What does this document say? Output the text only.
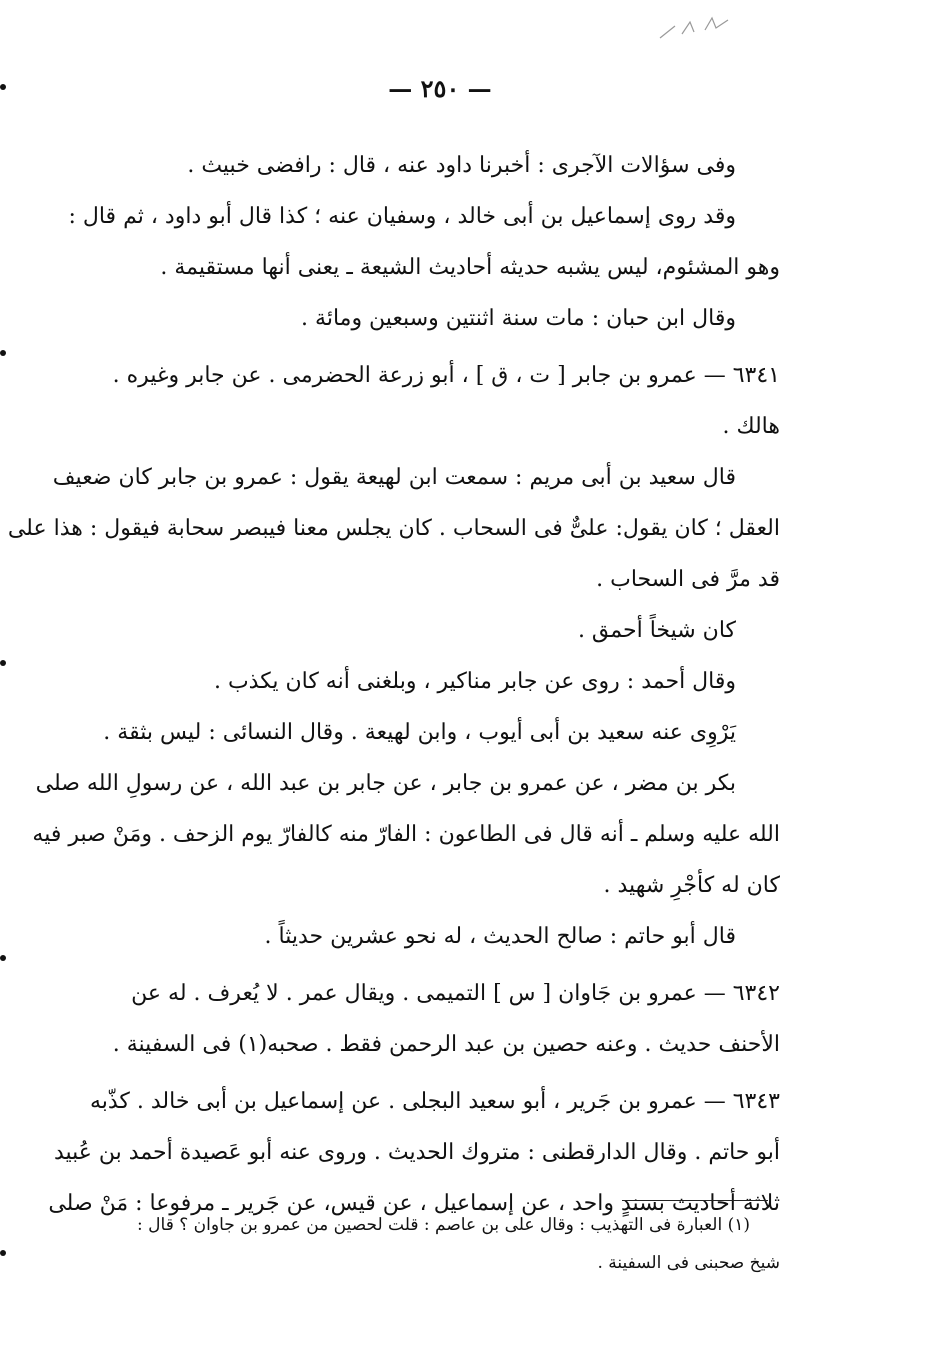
— ٢٥٠ —
وفى سؤالات الآجرى : أخبرنا داود عنه ، قال : رافضى خبيث .
وقد روى إسماعيل بن أبى خالد ، وسفيان عنه ؛ كذا قال أبو داود ، ثم قال :
وهو المشئوم، ليس يشبه حديثه أحاديث الشيعة ـ يعنى أنها مستقيمة .
وقال ابن حبان : مات سنة اثنتين وسبعين ومائة .
٦٣٤١ — عمرو بن جابر [ ت ، ق ] ، أبو زرعة الحضرمى . عن جابر وغيره .
هالك .
قال سعيد بن أبى مريم : سمعت ابن لهيعة يقول : عمرو بن جابر كان ضعيف
العقل ؛ كان يقول: علىٌّ فى السحاب . كان يجلس معنا فيبصر سحابة فيقول : هذا على
قد مرَّ فى السحاب .
كان شيخاً أحمق .
وقال أحمد : روى عن جابر مناكير ، وبلغنى أنه كان يكذب .
يَرْوِى عنه سعيد بن أبى أيوب ، وابن لهيعة . وقال النسائى : ليس بثقة .
بكر بن مضر ، عن عمرو بن جابر ، عن جابر بن عبد الله ، عن رسولِ الله صلى
الله عليه وسلم ـ أنه قال فى الطاعون : الفارّ منه كالفارّ يوم الزحف . ومَنْ صبر فيه
كان له كأجْرِ شهيد .
قال أبو حاتم : صالح الحديث ، له نحو عشرين حديثاً .
٦٣٤٢ — عمرو بن جَاوان [ س ] التميمى . ويقال عمر . لا يُعرف . له عن
الأحنف حديث . وعنه حصين بن عبد الرحمن فقط . صحبه(١) فى السفينة .
٦٣٤٣ — عمرو بن جَرير ، أبو سعيد البجلى . عن إسماعيل بن أبى خالد . كذّبه
أبو حاتم . وقال الدارقطنى : متروك الحديث . وروى عنه أبو عَصيدة أحمد بن عُبيد
ثلاثة أحاديث بسندٍ واحد ، عن إسماعيل ، عن قيس، عن جَرير ـ مرفوعا : مَنْ صلى
(١) العبارة فى التهذيب : وقال على بن عاصم : قلت لحصين من عمرو بن جاوان ؟ قال :
شيخ صحبنى فى السفينة .
